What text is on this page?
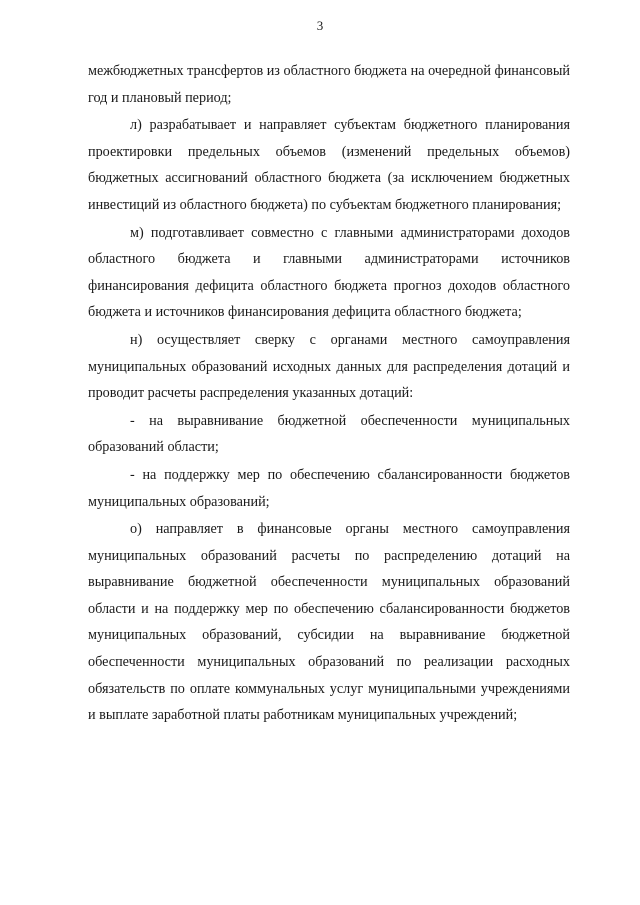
3

межбюджетных трансфертов из областного бюджета на очередной финансовый год и плановый период;

л) разрабатывает и направляет субъектам бюджетного планирования проектировки предельных объемов (изменений предельных объемов) бюджетных ассигнований областного бюджета (за исключением бюджетных инвестиций из областного бюджета) по субъектам бюджетного планирования;

м) подготавливает совместно с главными администраторами доходов областного бюджета и главными администраторами источников финансирования дефицита областного бюджета прогноз доходов областного бюджета и источников финансирования дефицита областного бюджета;

н) осуществляет сверку с органами местного самоуправления муниципальных образований исходных данных для распределения дотаций и проводит расчеты распределения указанных дотаций:

- на выравнивание бюджетной обеспеченности муниципальных образований области;

- на поддержку мер по обеспечению сбалансированности бюджетов муниципальных образований;

о) направляет в финансовые органы местного самоуправления муниципальных образований расчеты по распределению дотаций на выравнивание бюджетной обеспеченности муниципальных образований области и на поддержку мер по обеспечению сбалансированности бюджетов муниципальных образований, субсидии на выравнивание бюджетной обеспеченности муниципальных образований по реализации расходных обязательств по оплате коммунальных услуг муниципальными учреждениями и выплате заработной платы работникам муниципальных учреждений;
